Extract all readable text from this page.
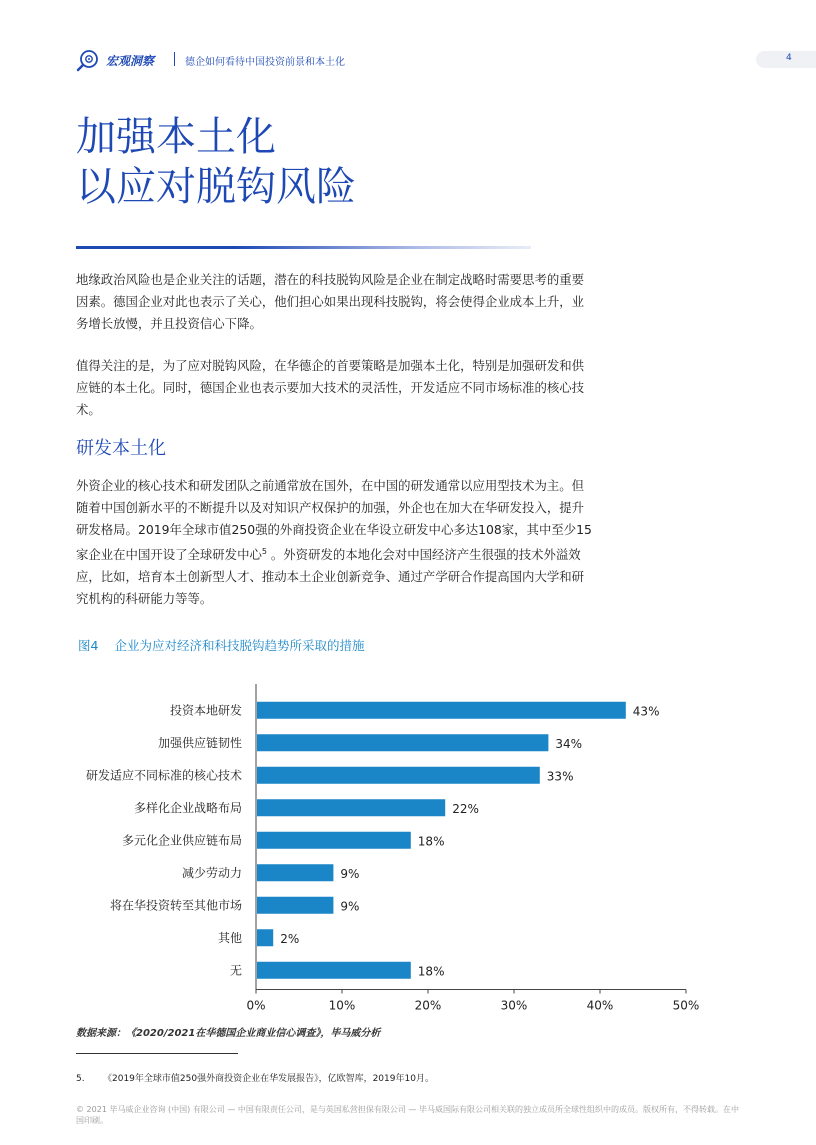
宏观洞察	德企如何看待中国投资前景和本土化	4
加强本土化
以应对脱钩风险

地缘政治风险也是企业关注的话题，潜在的科技脱钩风险是企业在制定战略时需要思考的重要因素。德国企业对此也表示了关心，他们担心如果出现科技脱钩，将会使得企业成本上升，业务增长放慢，并且投资信心下降。

值得关注的是，为了应对脱钩风险，在华德企的首要策略是加强本土化，特别是加强研发和供应链的本土化。同时，德国企业也表示要加大技术的灵活性，开发适应不同市场标准的核心技术。

研发本土化

外资企业的核心技术和研发团队之前通常放在国外，在中国的研发通常以应用型技术为主。但随着中国创新水平的不断提升以及对知识产权保护的加强，外企也在加大在华研发投入，提升研发格局。2019年全球市值250强的外商投资企业在华设立研发中心多达108家，其中至少15家企业在中国开设了全球研发中心$^5$ 。外资研发的本地化会对中国经济产生很强的技术外溢效应，比如，培育本土创新型人才、推动本土企业创新竞争、通过产学研合作提高国内大学和研究机构的科研能力等等。

图4 企业为应对经济和科技脱钩趋势所采取的措施
投资本地研发	43%
加强供应链韧性	34%
研发适应不同标准的核心技术	33%
多样化企业战略布局	22%
多元化企业供应链布局	18%
减少劳动力	9%
将在华投资转至其他市场	9%
其他	2%
无	18%
0%	10%	20%	30%	40%	50%
数据来源：《2020/2021在华德国企业商业信心调查》，毕马威分析
5. 《2019年全球市值250强外商投资企业在华发展报告》，亿欧智库，2019年10月。
© 2021 毕马威企业咨询 (中国) 有限公司 — 中国有限责任公司，是与英国私营担保有限公司 — 毕马威国际有限公司相关联的独立成员所全球性组织中的成员。版权所有，不得转载。在中国印刷。
